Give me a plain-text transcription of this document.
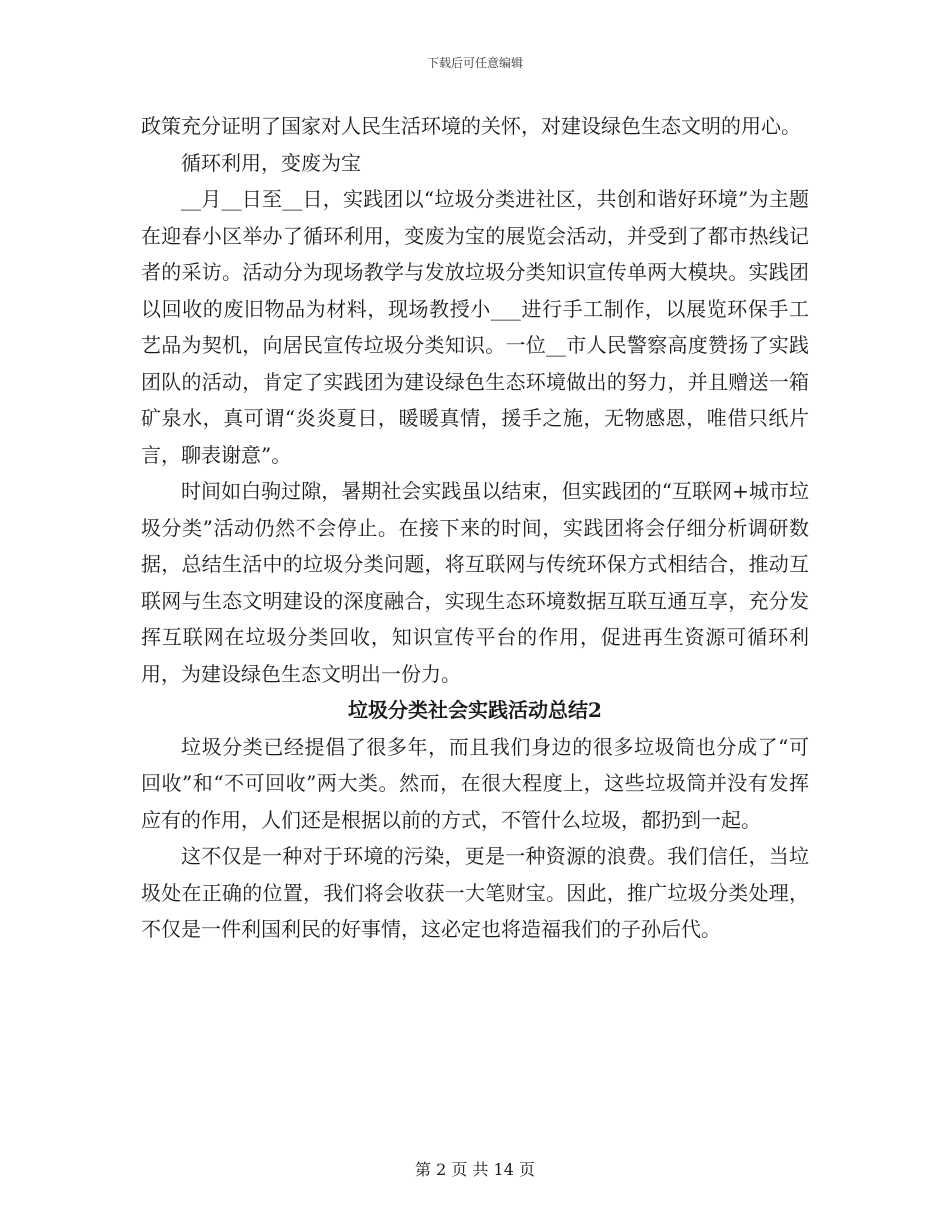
下载后可任意编辑

政策充分证明了国家对人民生活环境的关怀，对建设绿色生态文明的用心。

循环利用，变废为宝

__月__日至__日，实践团以“垃圾分类进社区，共创和谐好环境”为主题在迎春小区举办了循环利用，变废为宝的展览会活动，并受到了都市热线记者的采访。活动分为现场教学与发放垃圾分类知识宣传单两大模块。实践团以回收的废旧物品为材料，现场教授小___进行手工制作，以展览环保手工艺品为契机，向居民宣传垃圾分类知识。一位__市人民警察高度赞扬了实践团队的活动，肯定了实践团为建设绿色生态环境做出的努力，并且赠送一箱矿泉水，真可谓“炎炎夏日，暖暖真情，援手之施，无物感恩，唯借只纸片言，聊表谢意”。

时间如白驹过隙，暑期社会实践虽以结束，但实践团的“互联网+城市垃圾分类”活动仍然不会停止。在接下来的时间，实践团将会仔细分析调研数据，总结生活中的垃圾分类问题，将互联网与传统环保方式相结合，推动互联网与生态文明建设的深度融合，实现生态环境数据互联互通互享，充分发挥互联网在垃圾分类回收，知识宣传平台的作用，促进再生资源可循环利用，为建设绿色生态文明出一份力。

垃圾分类社会实践活动总结2

垃圾分类已经提倡了很多年，而且我们身边的很多垃圾筒也分成了“可回收”和“不可回收”两大类。然而，在很大程度上，这些垃圾筒并没有发挥应有的作用，人们还是根据以前的方式，不管什么垃圾，都扔到一起。

这不仅是一种对于环境的污染，更是一种资源的浪费。我们信任，当垃圾处在正确的位置，我们将会收获一大笔财宝。因此，推广垃圾分类处理，不仅是一件利国利民的好事情，这必定也将造福我们的子孙后代。

第 2 页 共 14 页
